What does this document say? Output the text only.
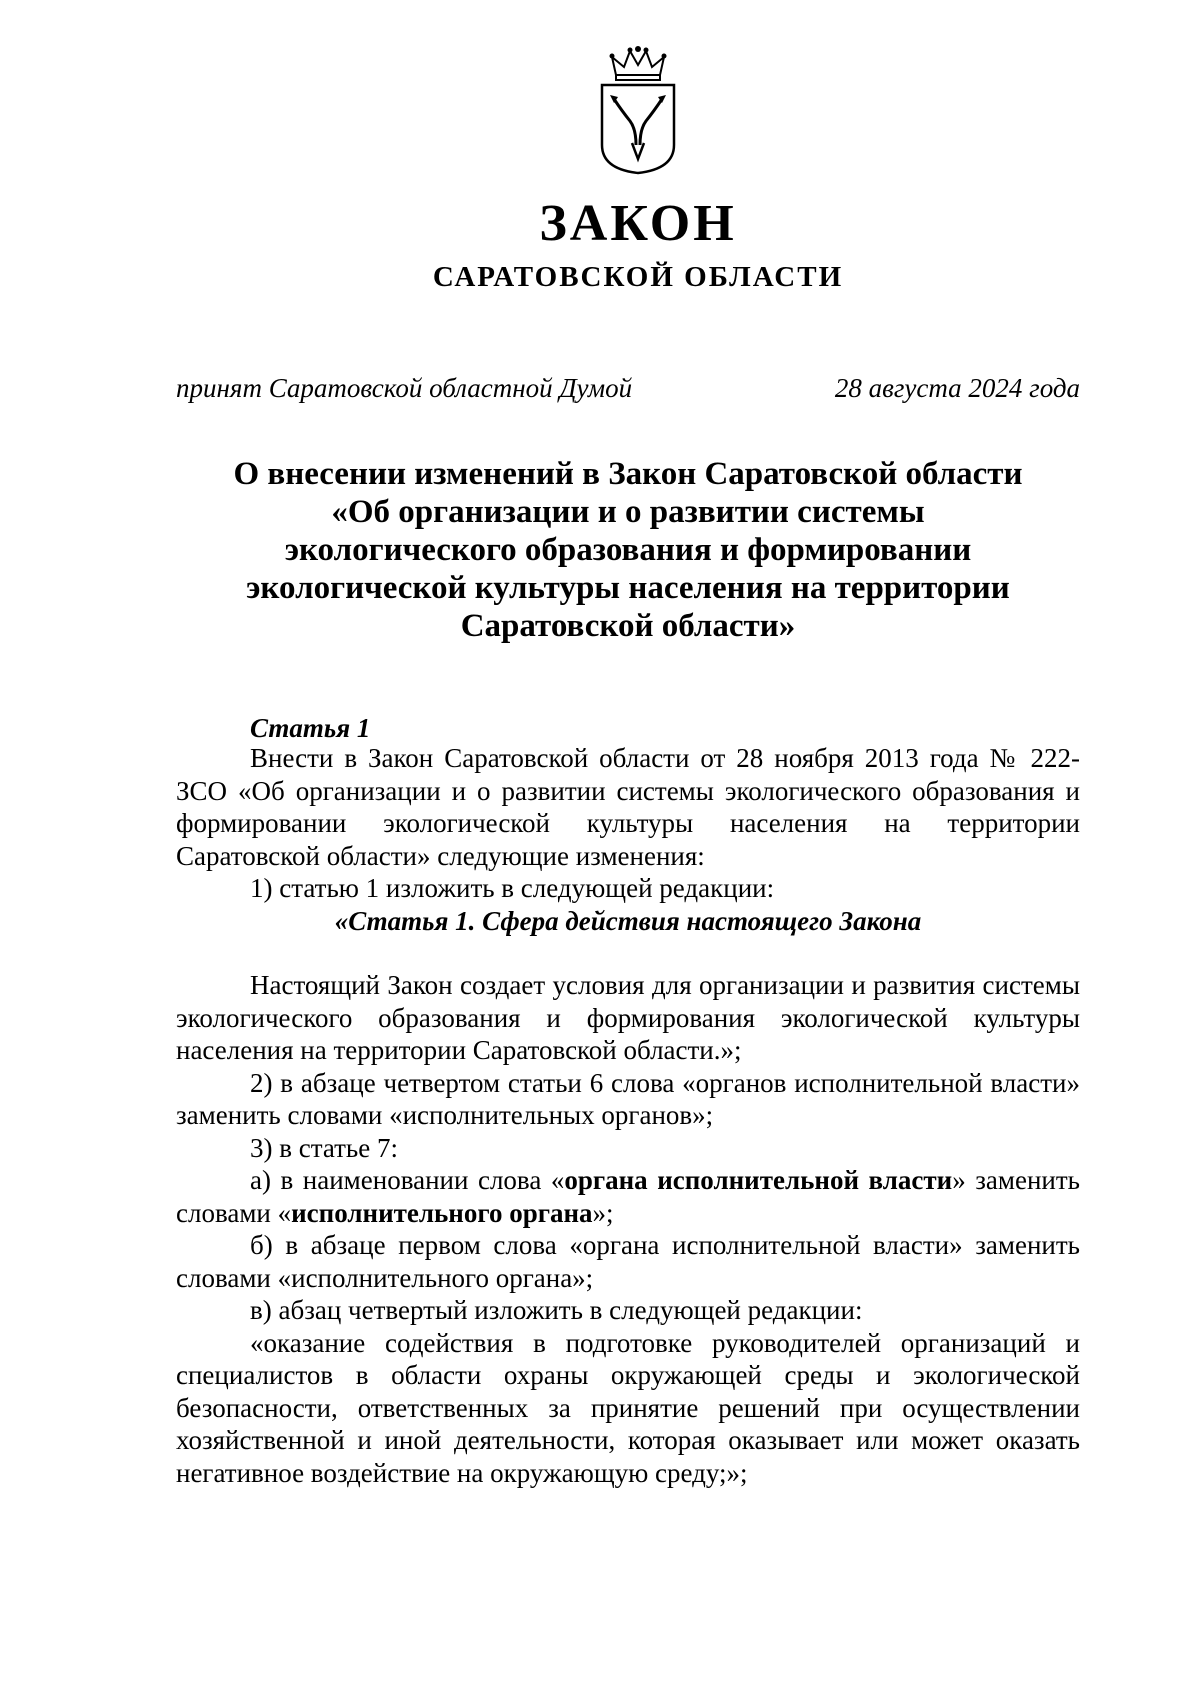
ЗАКОН
САРАТОВСКОЙ ОБЛАСТИ
принят Саратовской областной Думой	28 августа 2024 года
О внесении изменений в Закон Саратовской области
«Об организации и о развитии системы
экологического образования и формировании
экологической культуры населения на территории
Саратовской области»
Статья 1

Внести в Закон Саратовской области от 28 ноября 2013 года № 222-ЗСО «Об организации и о развитии системы экологического образования и формировании экологической культуры населения на территории Саратовской области» следующие изменения:

1) статью 1 изложить в следующей редакции:

«Статья 1. Сфера действия настоящего Закона

Настоящий Закон создает условия для организации и развития системы экологического образования и формирования экологической культуры населения на территории Саратовской области.»;

2) в абзаце четвертом статьи 6 слова «органов исполнительной власти» заменить словами «исполнительных органов»;

3) в статье 7:

а) в наименовании слова «органа исполнительной власти» заменить словами «исполнительного органа»;

б) в абзаце первом слова «органа исполнительной власти» заменить словами «исполнительного органа»;

в) абзац четвертый изложить в следующей редакции:

«оказание содействия в подготовке руководителей организаций и специалистов в области охраны окружающей среды и экологической безопасности, ответственных за принятие решений при осуществлении хозяйственной и иной деятельности, которая оказывает или может оказать негативное воздействие на окружающую среду;»;
